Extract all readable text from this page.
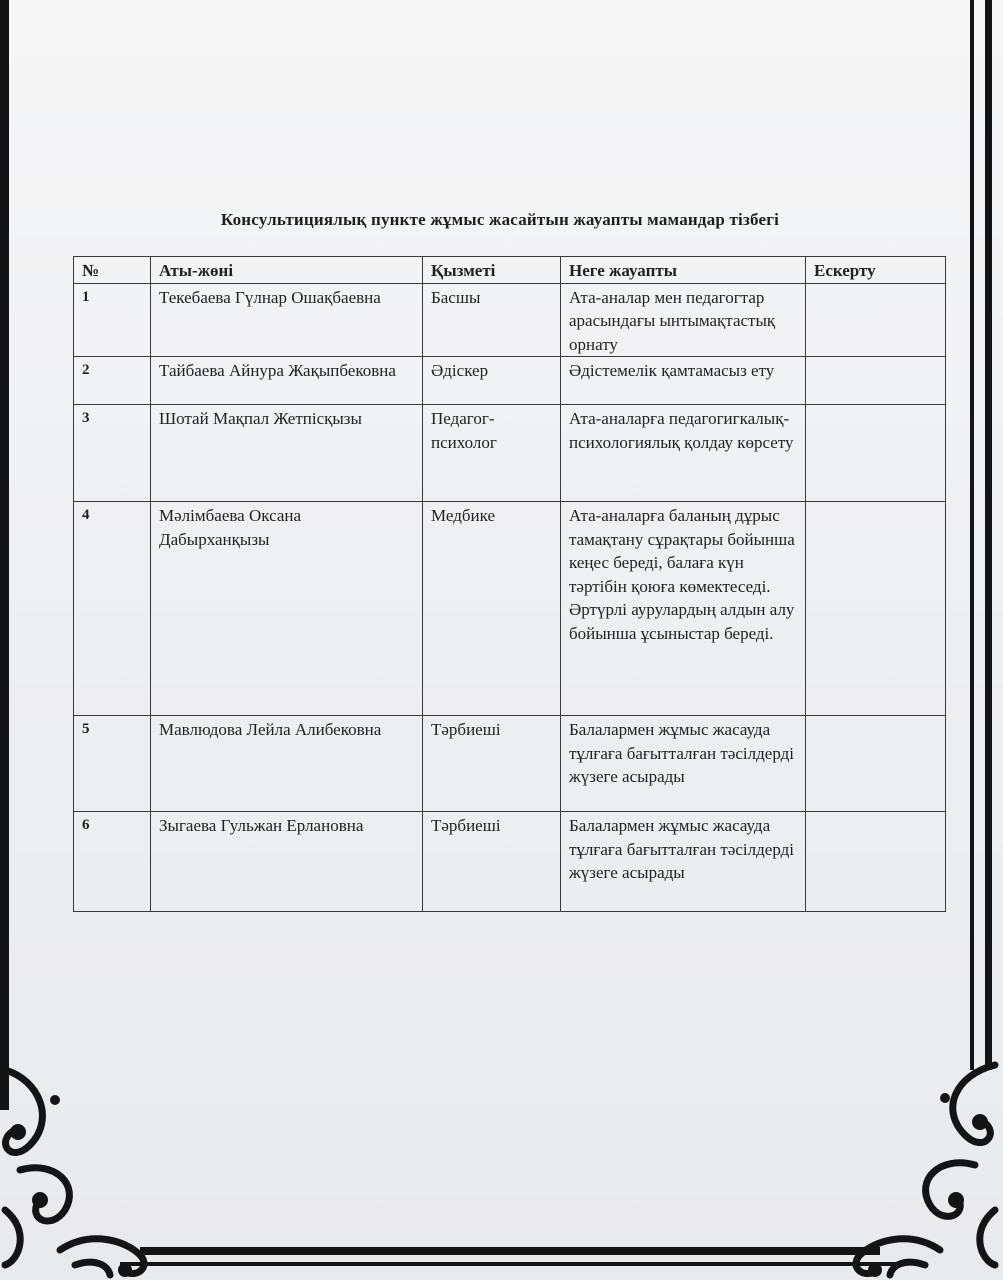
Консультициялық пункте жұмыс жасайтын жауапты мамандар тізбегі
№	Аты-жөні	Қызметі	Неге жауапты	Ескерту
1	Текебаева Гүлнар Ошақбаевна	Басшы	Ата-аналар мен педагогтар арасындағы ынтымақтастық орнату	
2	Тайбаева Айнура Жақыпбековна	Әдіскер	Әдістемелік қамтамасыз ету	
3	Шотай Мақпал Жетпісқызы	Педагог-психолог	Ата-аналарға педагогигкалық-психологиялық қолдау көрсету	
4	Мәлімбаева Оксана Дабырханқызы	Медбике	Ата-аналарға баланың дұрыс тамақтану сұрақтары бойынша кеңес береді, балаға күн тәртібін қоюға көмектеседі. Әртүрлі аурулардың алдын алу бойынша ұсыныстар береді.	
5	Мавлюдова Лейла Алибековна	Тәрбиеші	Балалармен жұмыс жасауда тұлғаға бағытталған тәсілдерді жүзеге асырады	
6	Зыгаева Гульжан Ерлановна	Тәрбиеші	Балалармен жұмыс жасауда тұлғаға бағытталған тәсілдерді жүзеге асырады	
